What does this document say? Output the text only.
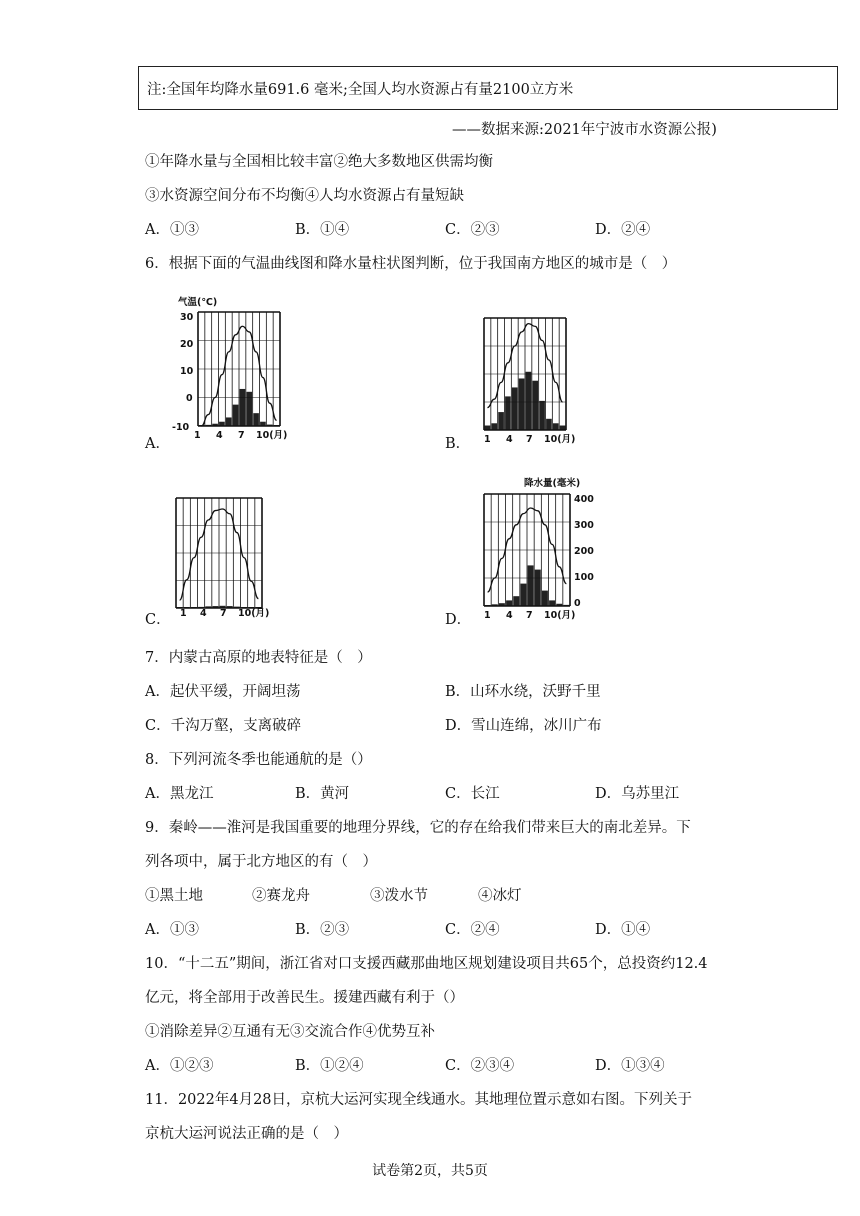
注:全国年均降水量691.6 毫米;全国人均水资源占有量2100立方米
——数据来源:2021年宁波市水资源公报)
①年降水量与全国相比较丰富②绝大多数地区供需均衡
③水资源空间分布不均衡④人均水资源占有量短缺
A．①③	B．①④	C．②③	D．②④
6．根据下面的气温曲线图和降水量柱状图判断，位于我国南方地区的城市是（　）
A．	B．
C．	D．
气温(℃)
30
20
10
0
-10
1 4 7 10(月)	1 4 7 10(月)
1 4 7 10(月)
降水量(毫米)
400
300
200
100
0
1 4 7 10(月)
7．内蒙古高原的地表特征是（　）
A．起伏平缓，开阔坦荡	B．山环水绕，沃野千里
C．千沟万壑，支离破碎	D．雪山连绵，冰川广布
8．下列河流冬季也能通航的是（）
A．黑龙江	B．黄河	C．长江	D．乌苏里江
9．秦岭——淮河是我国重要的地理分界线，它的存在给我们带来巨大的南北差异。下
列各项中，属于北方地区的有（　）
①黑土地	②赛龙舟	③泼水节	④冰灯
A．①③	B．②③	C．②④	D．①④
10．“十二五”期间，浙江省对口支援西藏那曲地区规划建设项目共65个，总投资约12.4
亿元，将全部用于改善民生。援建西藏有利于（）
①消除差异②互通有无③交流合作④优势互补
A．①②③	B．①②④	C．②③④	D．①③④
11．2022年4月28日，京杭大运河实现全线通水。其地理位置示意如右图。下列关于
京杭大运河说法正确的是（　）
试卷第2页，共5页
